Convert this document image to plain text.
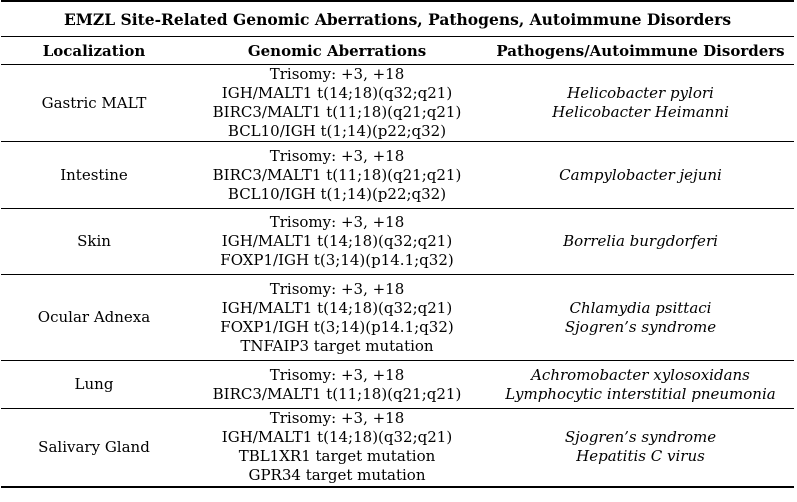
EMZL Site-Related Genomic Aberrations, Pathogens, Autoimmune Disorders		
Localization	Genomic Aberrations	Pathogens/Autoimmune Disorders
Gastric MALT	Trisomy: +3, +18
IGH/MALT1 t(14;18)(q32;q21)
BIRC3/MALT1 t(11;18)(q21;q21)
BCL10/IGH t(1;14)(p22;q32)	Helicobacter pylori
Helicobacter Heimanni

Intestine	Trisomy: +3, +18
BIRC3/MALT1 t(11;18)(q21;q21)
BCL10/IGH t(1;14)(p22;q32)	Campylobacter jejuni

Skin	Trisomy: +3, +18
IGH/MALT1 t(14;18)(q32;q21)
FOXP1/IGH t(3;14)(p14.1;q32)	Borrelia burgdorferi

Ocular Adnexa	Trisomy: +3, +18
IGH/MALT1 t(14;18)(q32;q21)
FOXP1/IGH t(3;14)(p14.1;q32)
TNFAIP3 target mutation	Chlamydia psittaci
Sjogren’s syndrome

Lung	Trisomy: +3, +18
BIRC3/MALT1 t(11;18)(q21;q21)	Achromobacter xylosoxidans
Lymphocytic interstitial pneumonia

Salivary Gland	Trisomy: +3, +18
IGH/MALT1 t(14;18)(q32;q21)
TBL1XR1 target mutation
GPR34 target mutation	Sjogren’s syndrome
Hepatitis C virus
